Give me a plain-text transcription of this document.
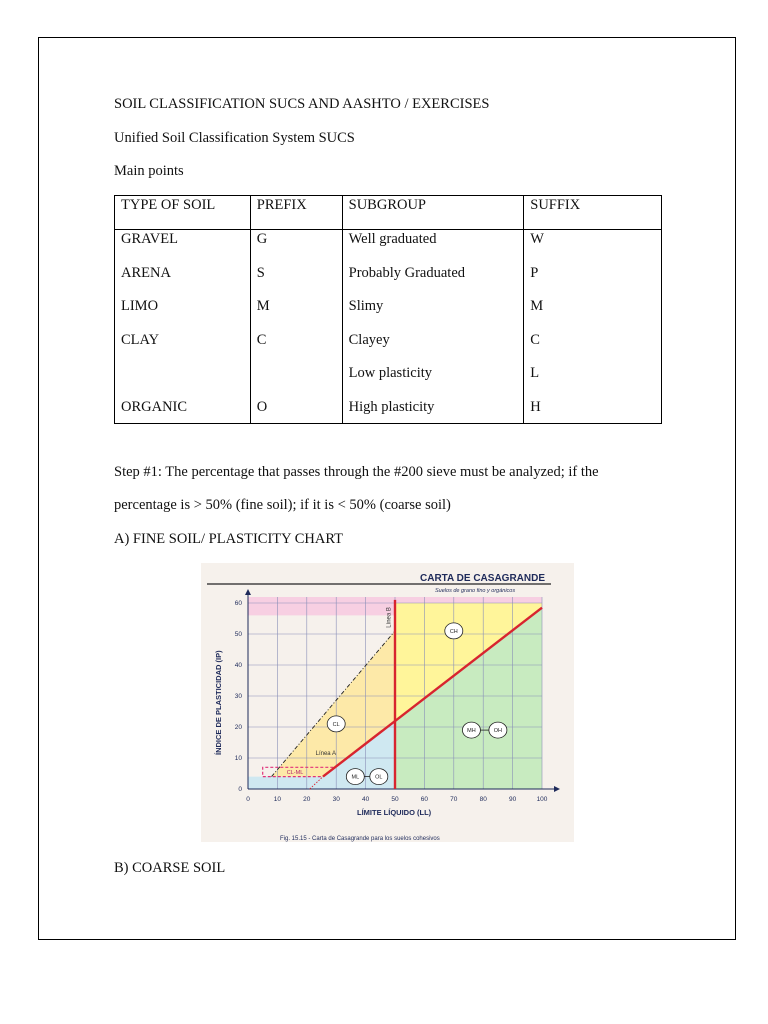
SOIL CLASSIFICATION SUCS AND AASHTO / EXERCISES
Unified Soil Classification System SUCS
Main points
TYPE OF SOIL	PREFIX	SUBGROUP	SUFFIX
GRAVEL	G	Well graduated	W
ARENA	S	Probably Graduated	P
LIMO	M	Slimy	M
CLAY	C	Clayey	C
		Low plasticity	L
ORGANIC	O	High plasticity	H
Step #1: The percentage that passes through the #200 sieve must be analyzed; if the
percentage is > 50% (fine soil); if it is < 50% (coarse soil)
A) FINE SOIL/ PLASTICITY CHART
Línea A
Línea B
0	10	20	30	40	50	60	70	80	90	100
0
10
20
30
40
50
60
CL
CH
CL-ML
ML	OL
MH	OH
CARTA DE CASAGRANDE
Suelos de grano fino y orgánicos
LÍMITE LÍQUIDO (LL)
ÍNDICE DE PLASTICIDAD (IP)
Fig. 15.15 - Carta de Casagrande para los suelos cohesivos
B) COARSE SOIL
